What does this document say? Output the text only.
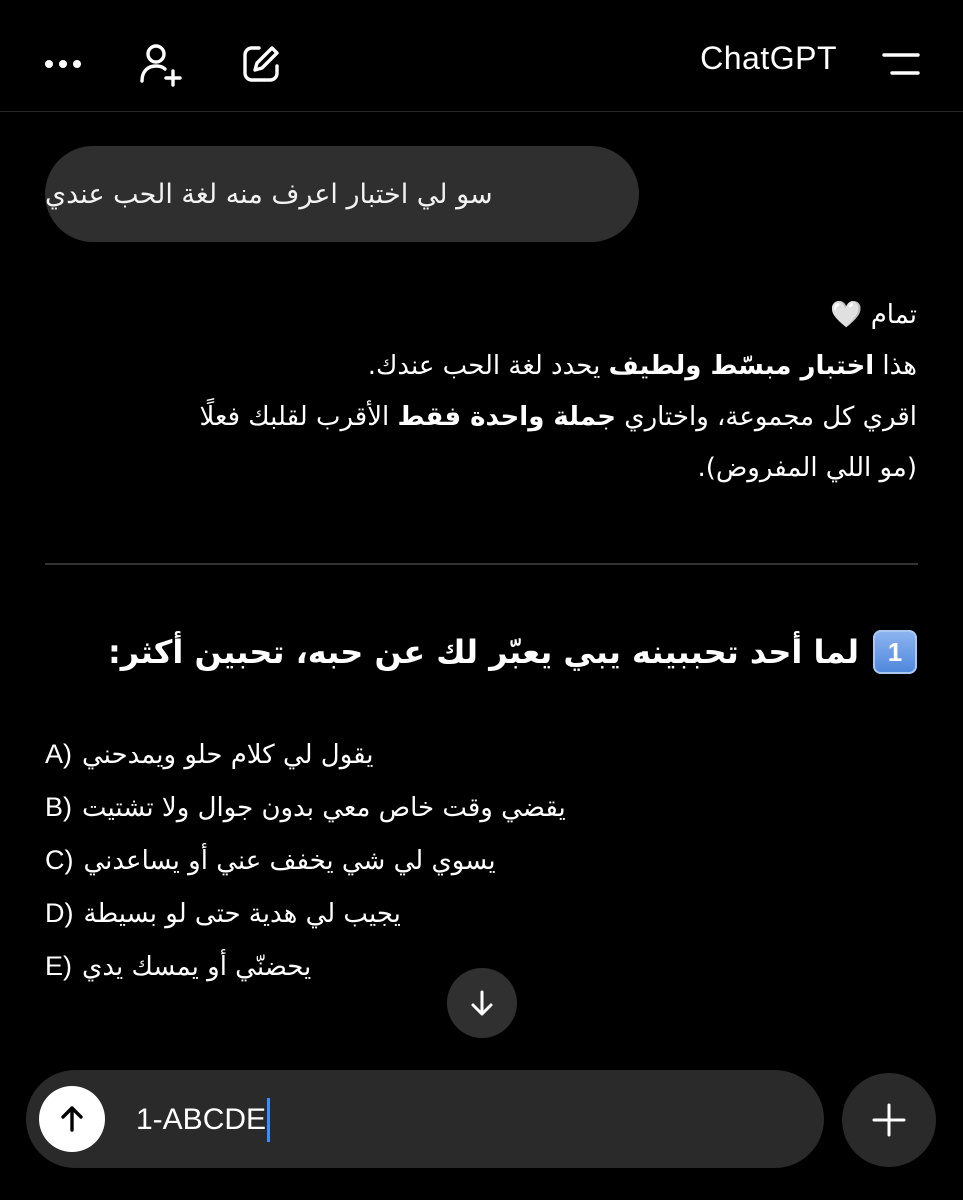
ChatGPT
سو لي اختبار اعرف منه لغة الحب عندي
تمام 🤍
هذا اختبار مبسّط ولطيف يحدد لغة الحب عندك.
اقري كل مجموعة، واختاري جملة واحدة فقط الأقرب لقلبك فعلًا
(مو اللي المفروض).
1
لما أحد تحببينه يبي يعبّر لك عن حبه، تحبين أكثر:
A) يقول لي كلام حلو ويمدحني
B) يقضي وقت خاص معي بدون جوال ولا تشتيت
C) يسوي لي شي يخفف عني أو يساعدني
D) يجيب لي هدية حتى لو بسيطة
E) يحضنّي أو يمسك يدي
1-ABCDE
